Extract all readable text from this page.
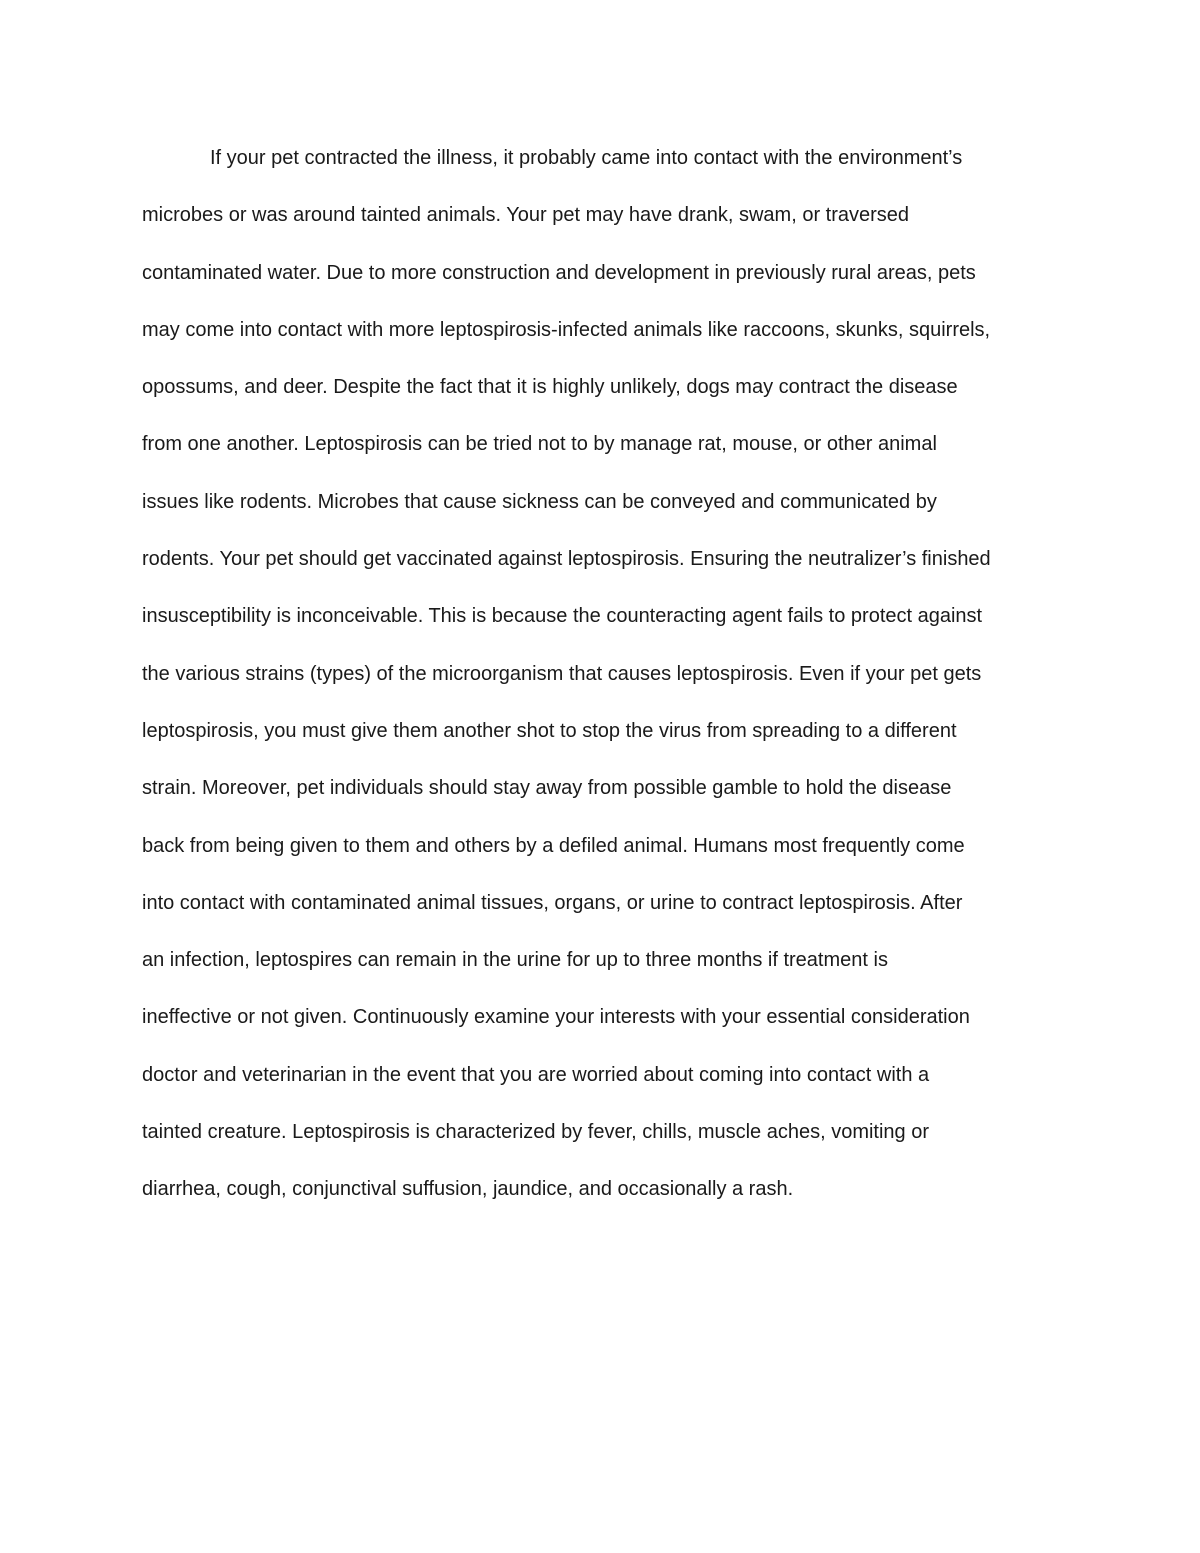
If your pet contracted the illness, it probably came into contact with the environment’s
microbes or was around tainted animals. Your pet may have drank, swam, or traversed
contaminated water. Due to more construction and development in previously rural areas, pets
may come into contact with more leptospirosis-infected animals like raccoons, skunks, squirrels,
opossums, and deer. Despite the fact that it is highly unlikely, dogs may contract the disease
from one another. Leptospirosis can be tried not to by manage rat, mouse, or other animal
issues like rodents. Microbes that cause sickness can be conveyed and communicated by
rodents. Your pet should get vaccinated against leptospirosis. Ensuring the neutralizer’s finished
insusceptibility is inconceivable. This is because the counteracting agent fails to protect against
the various strains (types) of the microorganism that causes leptospirosis. Even if your pet gets
leptospirosis, you must give them another shot to stop the virus from spreading to a different
strain. Moreover, pet individuals should stay away from possible gamble to hold the disease
back from being given to them and others by a defiled animal. Humans most frequently come
into contact with contaminated animal tissues, organs, or urine to contract leptospirosis. After
an infection, leptospires can remain in the urine for up to three months if treatment is
ineffective or not given. Continuously examine your interests with your essential consideration
doctor and veterinarian in the event that you are worried about coming into contact with a
tainted creature. Leptospirosis is characterized by fever, chills, muscle aches, vomiting or
diarrhea, cough, conjunctival suffusion, jaundice, and occasionally a rash.
